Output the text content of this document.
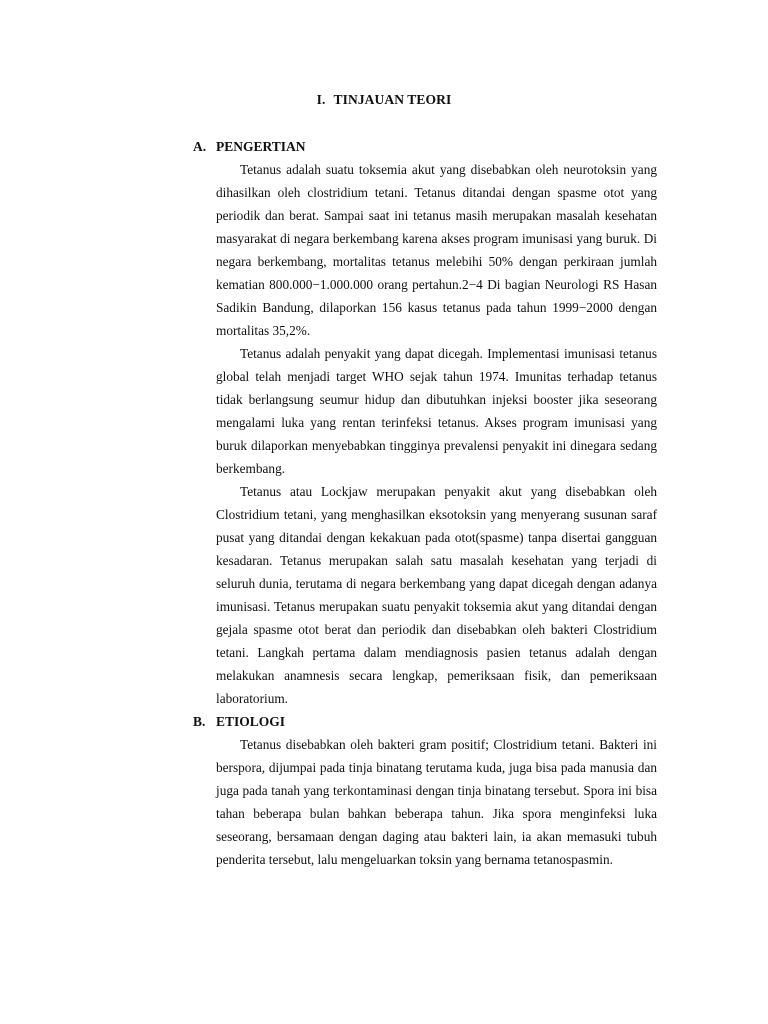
I. TINJAUAN TEORI
A. PENGERTIAN

Tetanus adalah suatu toksemia akut yang disebabkan oleh neurotoksin yang dihasilkan oleh clostridium tetani. Tetanus ditandai dengan spasme otot yang periodik dan berat. Sampai saat ini tetanus masih merupakan masalah kesehatan masyarakat di negara berkembang karena akses program imunisasi yang buruk. Di negara berkembang, mortalitas tetanus melebihi 50% dengan perkiraan jumlah kematian 800.000−1.000.000 orang pertahun.2−4 Di bagian Neurologi RS Hasan Sadikin Bandung, dilaporkan 156 kasus tetanus pada tahun 1999−2000 dengan mortalitas 35,2%.

Tetanus adalah penyakit yang dapat dicegah. Implementasi imunisasi tetanus global telah menjadi target WHO sejak tahun 1974. Imunitas terhadap tetanus tidak berlangsung seumur hidup dan dibutuhkan injeksi booster jika seseorang mengalami luka yang rentan terinfeksi tetanus. Akses program imunisasi yang buruk dilaporkan menyebabkan tingginya prevalensi penyakit ini dinegara sedang berkembang.

Tetanus atau Lockjaw merupakan penyakit akut yang disebabkan oleh Clostridium tetani, yang menghasilkan eksotoksin yang menyerang susunan saraf pusat yang ditandai dengan kekakuan pada otot(spasme) tanpa disertai gangguan kesadaran. Tetanus merupakan salah satu masalah kesehatan yang terjadi di seluruh dunia, terutama di negara berkembang yang dapat dicegah dengan adanya imunisasi. Tetanus merupakan suatu penyakit toksemia akut yang ditandai dengan gejala spasme otot berat dan periodik dan disebabkan oleh bakteri Clostridium tetani. Langkah pertama dalam mendiagnosis pasien tetanus adalah dengan melakukan anamnesis secara lengkap, pemeriksaan fisik, dan pemeriksaan laboratorium.

B. ETIOLOGI

Tetanus disebabkan oleh bakteri gram positif; Clostridium tetani. Bakteri ini berspora, dijumpai pada tinja binatang terutama kuda, juga bisa pada manusia dan juga pada tanah yang terkontaminasi dengan tinja binatang tersebut. Spora ini bisa tahan beberapa bulan bahkan beberapa tahun. Jika spora menginfeksi luka seseorang, bersamaan dengan daging atau bakteri lain, ia akan memasuki tubuh penderita tersebut, lalu mengeluarkan toksin yang bernama tetanospasmin.
